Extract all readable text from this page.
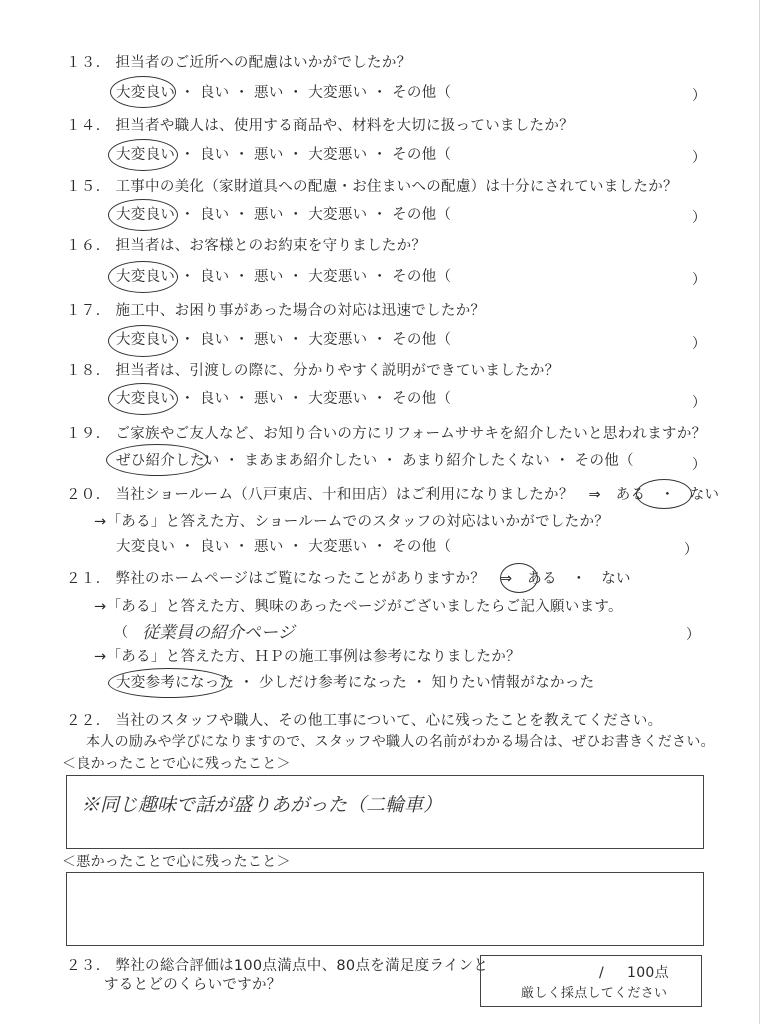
１３. 担当者のご近所への配慮はいかがでしたか？
大変良い ・ 良い ・ 悪い ・ 大変悪い ・ その他（	）
１４. 担当者や職人は、使用する商品や、材料を大切に扱っていましたか？
大変良い ・ 良い ・ 悪い ・ 大変悪い ・ その他（	）
１５. 工事中の美化（家財道具への配慮・お住まいへの配慮）は十分にされていましたか？
大変良い ・ 良い ・ 悪い ・ 大変悪い ・ その他（	）
１６. 担当者は、お客様とのお約束を守りましたか？
大変良い ・ 良い ・ 悪い ・ 大変悪い ・ その他（	）
１７. 施工中、お困り事があった場合の対応は迅速でしたか？
大変良い ・ 良い ・ 悪い ・ 大変悪い ・ その他（	）
１８. 担当者は、引渡しの際に、分かりやすく説明ができていましたか？
大変良い ・ 良い ・ 悪い ・ 大変悪い ・ その他（	）
１９. ご家族やご友人など、お知り合いの方にリフォームササキを紹介したいと思われますか？
ぜひ紹介したい ・ まあまあ紹介したい ・ あまり紹介したくない ・ その他（	）
２０. 当社ショールーム（八戸東店、十和田店）はご利用になりましたか？　⇒　ある　・　ない
→「ある」と答えた方、ショールームでのスタッフの対応はいかがでしたか？
大変良い ・ 良い ・ 悪い ・ 大変悪い ・ その他（	）
２１. 弊社のホームページはご覧になったことがありますか？　⇒　ある　・　ない
→「ある」と答えた方、興味のあったページがございましたらご記入願います。
（ 従業員の紹介ページ	）
→「ある」と答えた方、ＨＰの施工事例は参考になりましたか？
大変参考になった ・ 少しだけ参考になった ・ 知りたい情報がなかった
２２. 当社のスタッフや職人、その他工事について、心に残ったことを教えてください。
本人の励みや学びになりますので、スタッフや職人の名前がわかる場合は、ぜひお書きください。
＜良かったことで心に残ったこと＞
※同じ趣味で話が盛りあがった（二輪車）
＜悪かったことで心に残ったこと＞
２３. 弊社の総合評価は100点満点中、80点を満足度ラインと
するとどのくらいですか？
/ 100点
厳しく採点してください
